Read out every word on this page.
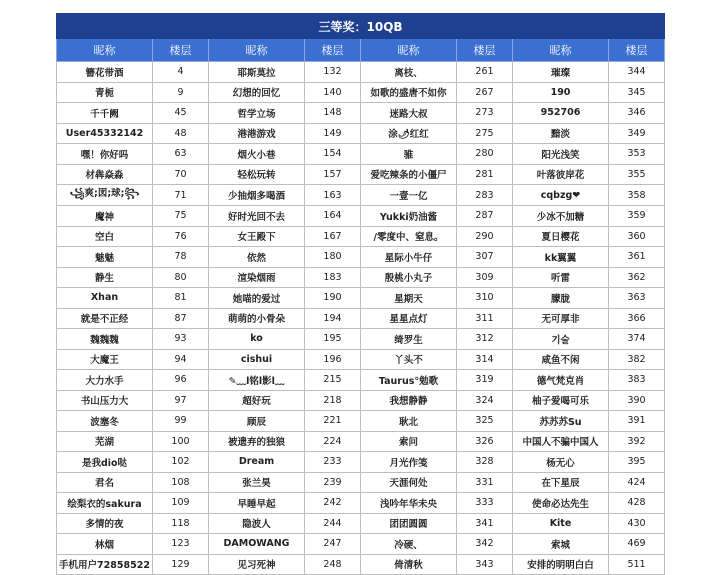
三等奖：10QB							
昵称	楼层	昵称	楼层	昵称	楼层	昵称	楼层
簪花带酒	4	耶斯莫拉	132	离枝、	261	璀璨	344
青栀	9	幻想的回忆	140	如歌的盛唐不如你	267	190	345
千千阙	45	哲学立场	148	迷路大叔	273	952706	346
User45332142	48	港港游戏	149	涂🌶红红	275	黯淡	349
嘿！你好吗	63	烟火小巷	154	骓	280	阳光浅笑	353
材犇焱淼	70	轻松玩转	157	爱吃辣条的小僵尸	281	叶落彼岸花	355
꧁爽;図;球;꧂	71	少抽烟多喝酒	163	一壹一亿	283	cqbzg❤	358
魔神	75	好时光回不去	164	Yukki奶油酱	287	少冰不加糖	359
空白	76	女王殿下	167	/零度中、窒息。	290	夏日樱花	360
魅魅	78	依然	180	星际小牛仔	307	kk翼翼	361
静生	80	渲染烟雨	183	殷桃小丸子	309	听雷	362
Xhan	81	她喵的爱过	190	星期天	310	朦胧	363
就是不正经	87	萌萌的小骨朵	194	星星点灯	311	无可厚非	366
魏魏魏	93	ko	195	绮罗生	312	기술	374
大魔王	94	cishui	196	丫头不	314	咸鱼不闲	382
大力水手	96	✎﹏l铭l影l﹏	215	Taurus°勉歌	319	德气梵克肖	383
书山压力大	97	超好玩	218	我想静静	324	柚子爱喝可乐	390
波塞冬	99	顾辰	221	耿北	325	苏苏苏Su	391
芜湖	100	被遗弃的独狼	224	索问	326	中国人不骗中国人	392
是我dio哒	102	Dream	233	月光作笺	328	杨无心	395
君名	108	张兰昊	239	天涯何处	331	在下星辰	424
绘梨衣的sakura	109	早睡早起	242	浅吟年华未央	333	使命必达先生	428
多情的夜	118	隐波人	244	团团圆圆	341	Kite	430
林烟	123	DAMOWANG	247	冷硬、	342	索城	469
手机用户72858522	129	见习死神	248	倚清秋	343	安排的明明白白	511
